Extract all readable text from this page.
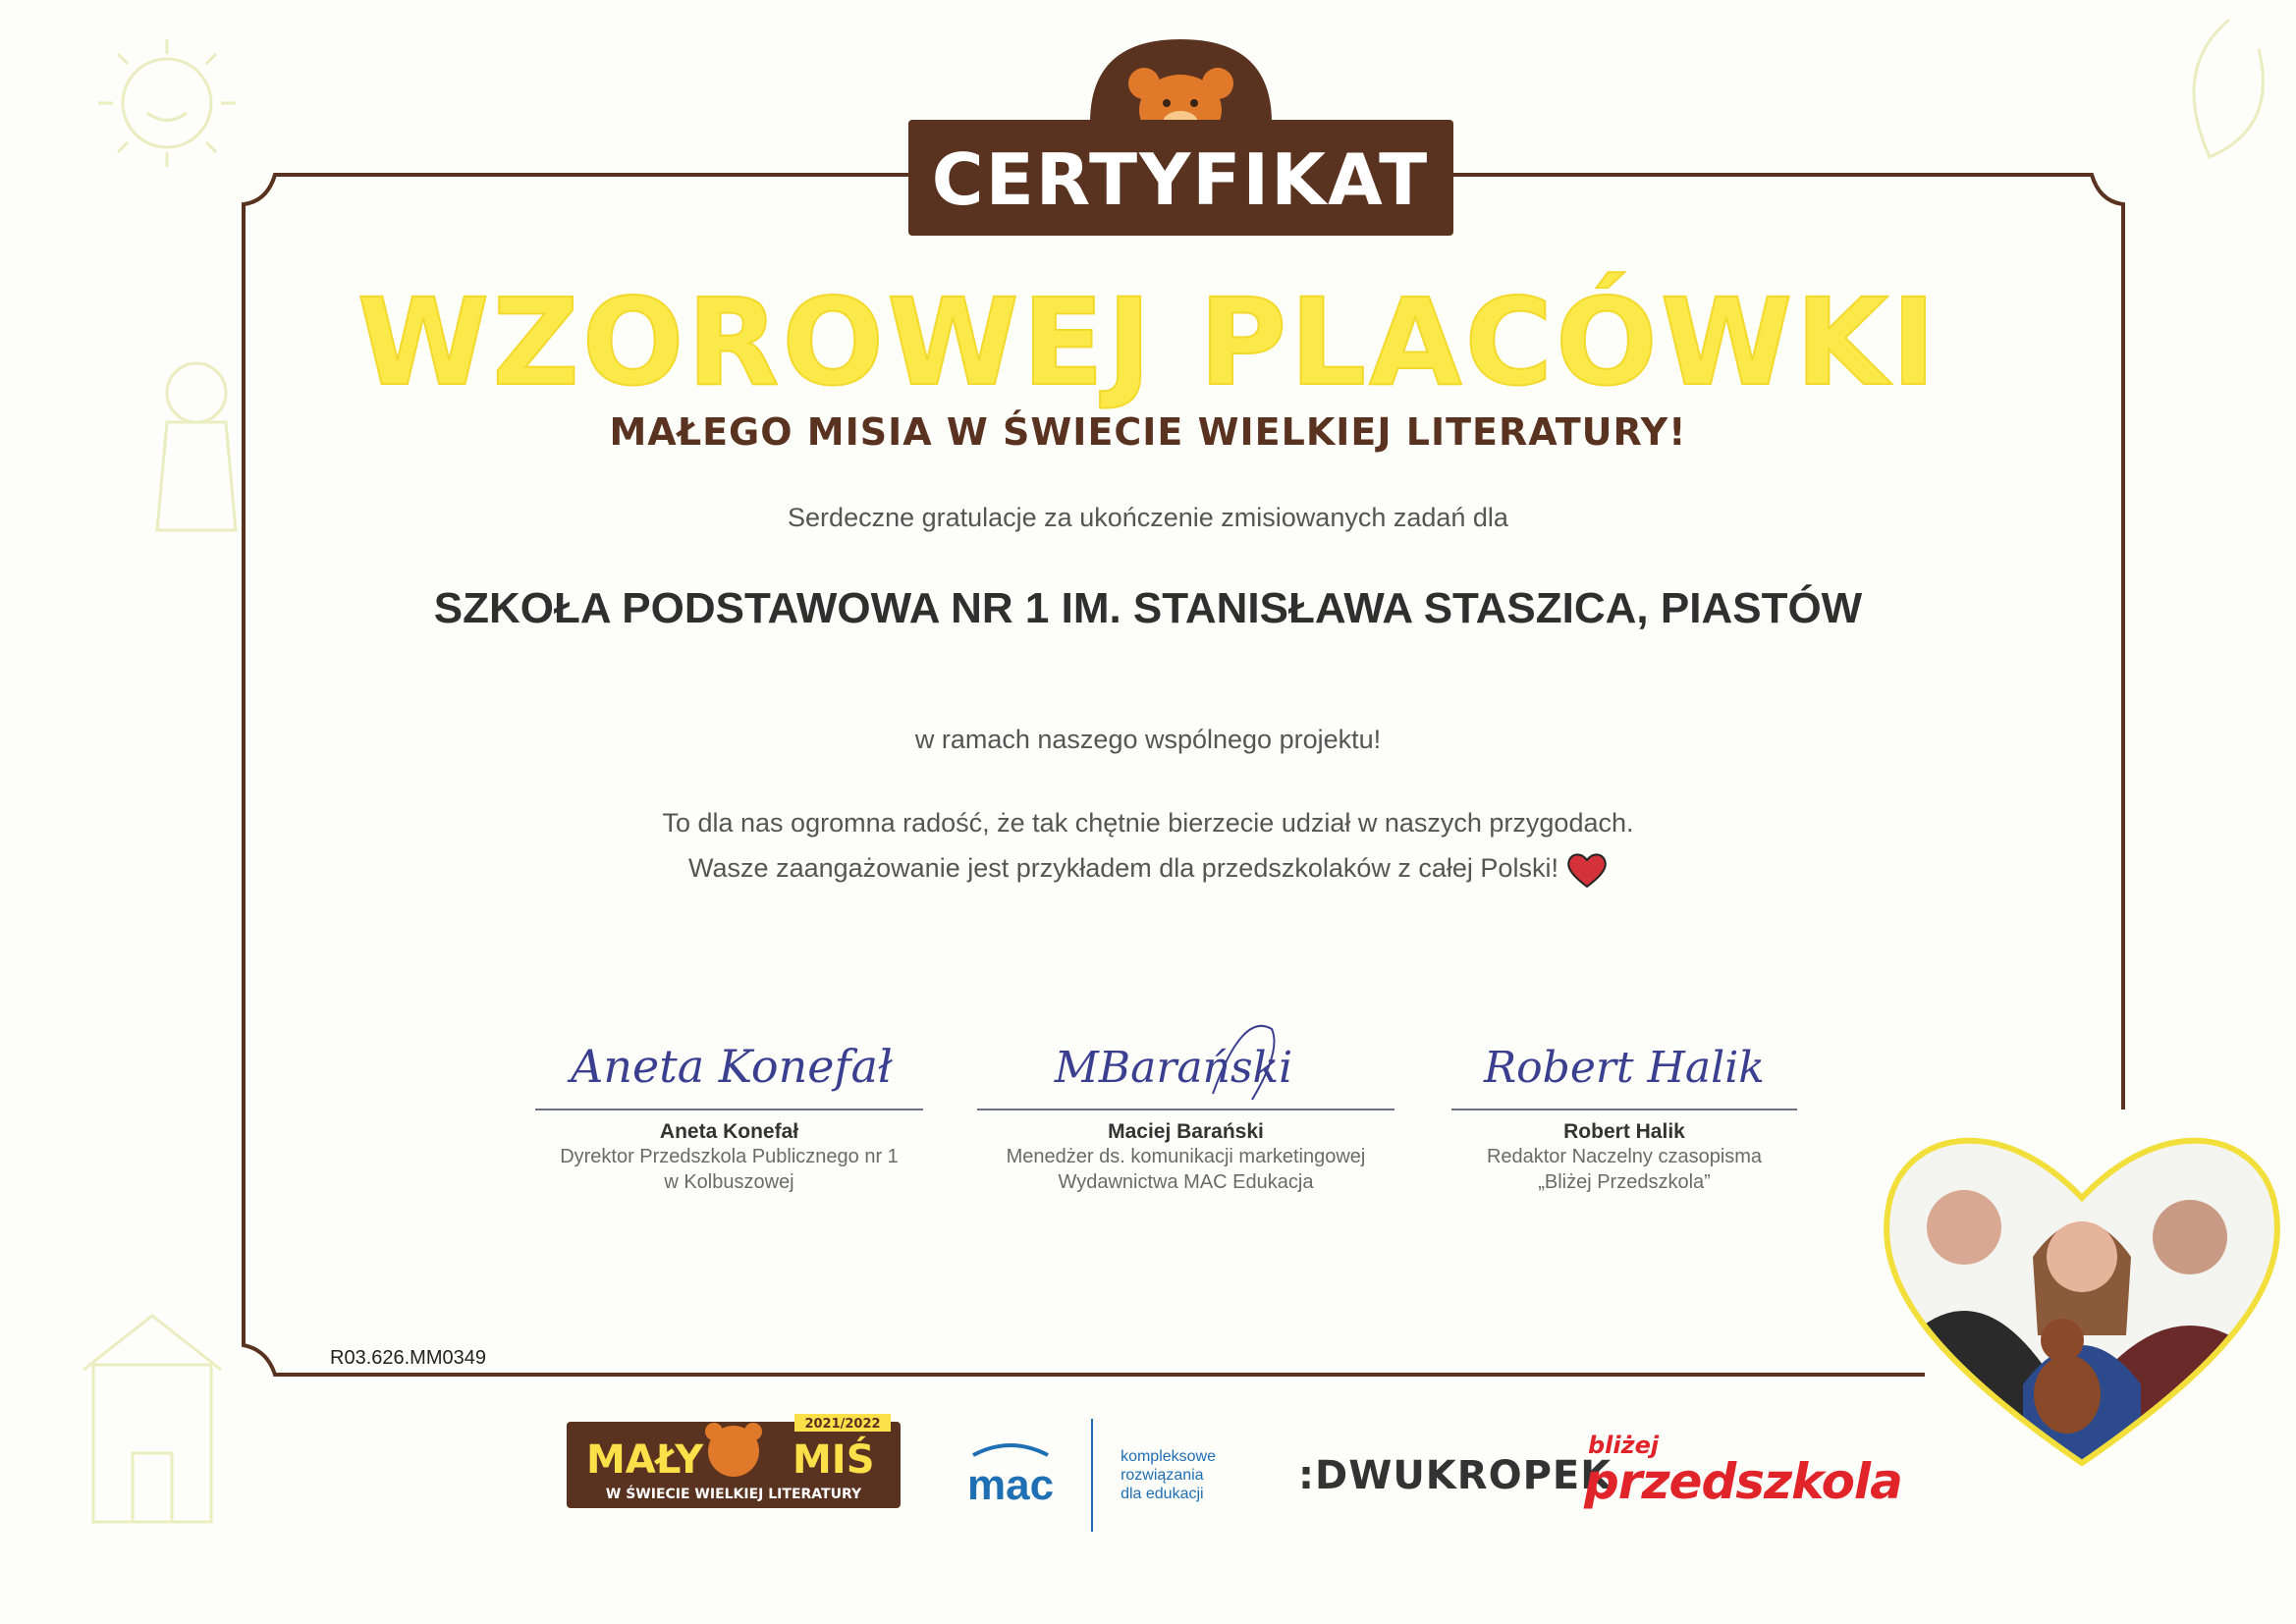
CERTYFIKAT
WZOROWEJ PLACÓWKI
MAŁEGO MISIA W ŚWIECIE WIELKIEJ LITERATURY!
Serdeczne gratulacje za ukończenie zmisiowanych zadań dla
SZKOŁA PODSTAWOWA NR 1 IM. STANISŁAWA STASZICA, PIASTÓW
w ramach naszego wspólnego projektu!
To dla nas ogromna radość, że tak chętnie bierzecie udział w naszych przygodach.
Wasze zaangażowanie jest przykładem dla przedszkolaków z całej Polski!
Aneta Konefał
Aneta Konefał
Dyrektor Przedszkola Publicznego nr 1
w Kolbuszowej
MBarański
Maciej Barański
Menedżer ds. komunikacji marketingowej
Wydawnictwa MAC Edukacja
Robert Halik
Robert Halik
Redaktor Naczelny czasopisma
„Bliżej Przedszkola”
R03.626.MM0349
MAŁY MIŚ
2021/2022
W ŚWIECIE WIELKIEJ LITERATURY mac
kompleksowe
rozwiązania
dla edukacji	:DWUKROPEK
bliżej
przedszkola
